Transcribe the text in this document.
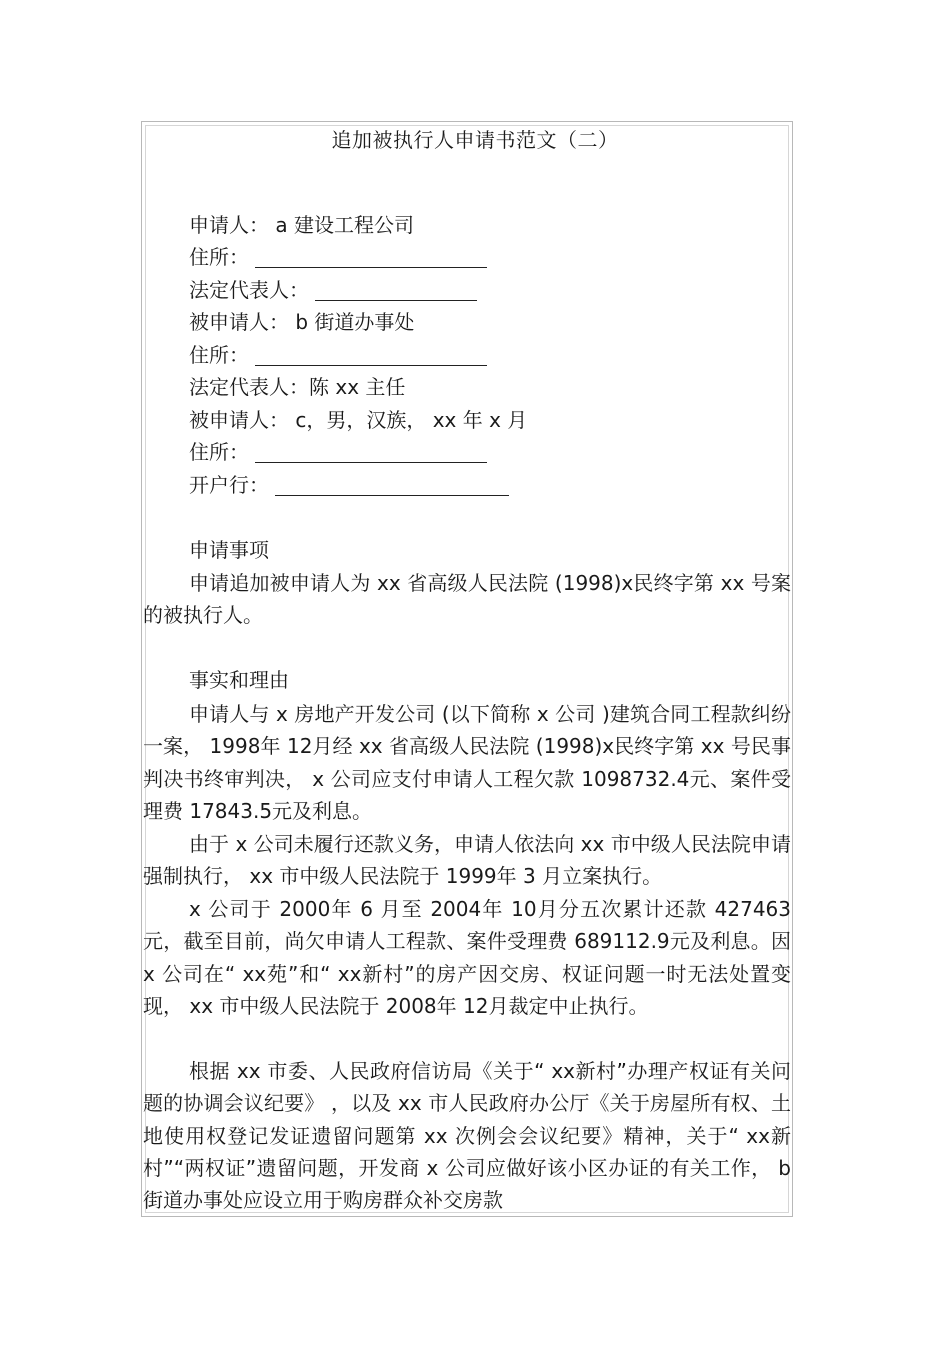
追加被执行人申请书范文（二）
申请人： a 建设工程公司
住所：
法定代表人：
被申请人： b 街道办事处
住所：
法定代表人：陈 xx 主任
被申请人： c，男，汉族， xx 年 x 月
住所：
开户行：
申请事项
申请追加被申请人为 xx 省高级人民法院 (1998)x民终字第 xx 号案的被执行人。
事实和理由
申请人与 x 房地产开发公司 (以下简称 x 公司 )建筑合同工程款纠纷一案， 1998年 12月经 xx 省高级人民法院 (1998)x民终字第 xx 号民事判决书终审判决， x 公司应支付申请人工程欠款 1098732.4元、案件受理费 17843.5元及利息。
由于 x 公司未履行还款义务，申请人依法向 xx 市中级人民法院申请强制执行， xx 市中级人民法院于 1999年 3 月立案执行。
x 公司于 2000年 6 月至 2004年 10月分五次累计还款 427463元，截至目前，尚欠申请人工程款、案件受理费 689112.9元及利息。因 x 公司在“ xx苑”和“ xx新村”的房产因交房、权证问题一时无法处置变现， xx 市中级人民法院于 2008年 12月裁定中止执行。
根据 xx 市委、人民政府信访局《关于“ xx新村”办理产权证有关问题的协调会议纪要》 ，以及 xx 市人民政府办公厅《关于房屋所有权、土地使用权登记发证遗留问题第 xx 次例会会议纪要》精神，关于“ xx新村”“两权证”遗留问题，开发商 x 公司应做好该小区办证的有关工作， b 街道办事处应设立用于购房群众补交房款
